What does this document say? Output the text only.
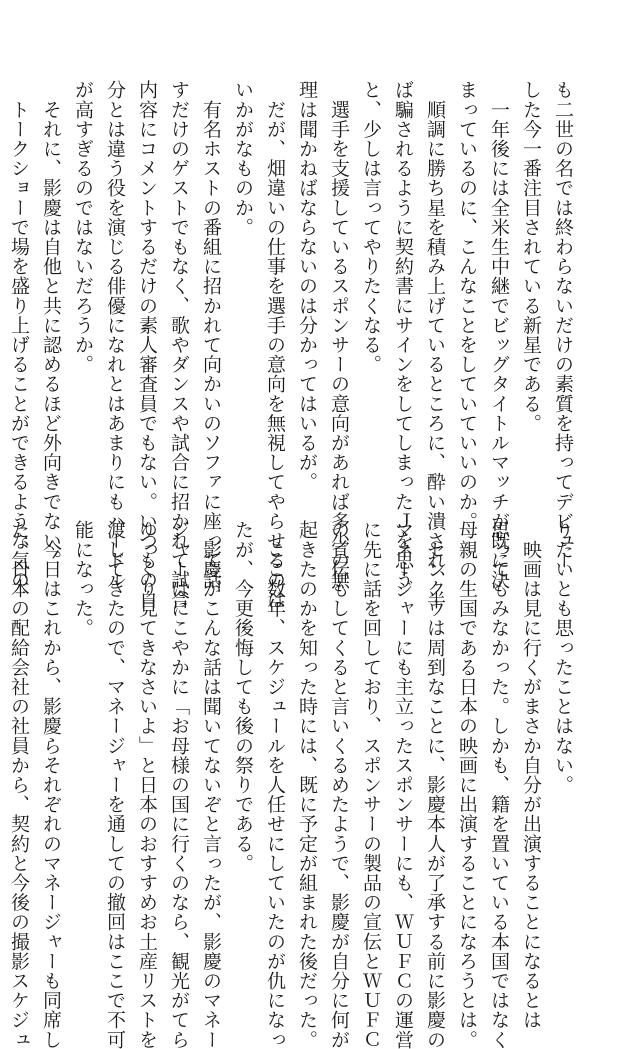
も二世の名では終わらないだけの素質を持ってデビュー

した今一番注目されている新星である。

　一年後には全米生中継でビッグタイトルマッチが既に決

まっているのに、こんなことをしていていいのか。

　順調に勝ち星を積み上げているところに、酔い潰され、半

ば騙されるように契約書にサインをしてしまったＪを思う

と、少しは言ってやりたくなる。

　選手を支援しているスポンサーの意向があれば多少の無

理は聞かねばならないのは分かってはいるが。

　だが、畑違いの仕事を選手の意向を無視してやらせるのは

いかがなものか。

　有名ホストの番組に招かれて向かいのソファに座って話

すだけのゲストでもなく、歌やダンスや試合に招かれて試合

内容にコメントするだけの素人審査員でもない。いつもの自

分とは違う役を演じる俳優になれとはあまりにもハードル

が高すぎるのではないだろうか。

　それに、影慶は自他と共に認めるほど外向きでない。

　トークショーで場を盛り上げることができるような気の

りたいとも思ったことはない。

　映画は見に行くがまさか自分が出演することになるとは

思ってもみなかった。しかも、籍を置いている本国ではなく

母親の生国である日本の映画に出演することになろうとは。

　センクウは周到なことに、影慶本人が了承する前に影慶の

マネージャーにも主立ったスポンサーにも、ＷＵＦＣの運営

に先に話を回しており、スポンサーの製品の宣伝とＷＵＦＣ

の宣伝もしてくると言いくるめたようで、影慶が自分に何が

起きたのかを知った時には、既に予定が組まれた後だった。

　ここ数年、スケジュールを人任せにしていたのが仇になっ

たが、今更後悔しても後の祭りである。

　影慶がこんな話は聞いてないぞと言ったが、影慶のマネー

ジャーはにこやかに「お母様の国に行くのなら、観光がてら

ゆっくり見てきなさいよ」と日本のおすすめお土産リストを

渡してきたので、マネージャーを通しての撤回はここで不可

能になった。

　今日はこれから、影慶らそれぞれのマネージャーも同席し

た、日本の配給会社の社員から、契約と今後の撮影スケジュ
